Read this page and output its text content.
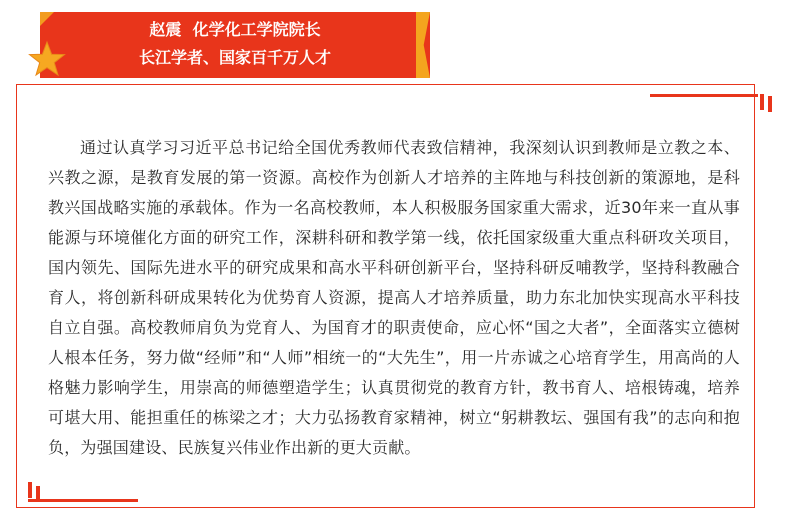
赵震  化学化工学院院长
长江学者、国家百千万人才

通过认真学习习近平总书记给全国优秀教师代表致信精神，我深刻认识到教师是立教之本、兴教之源，是教育发展的第一资源。高校作为创新人才培养的主阵地与科技创新的策源地，是科教兴国战略实施的承载体。作为一名高校教师，本人积极服务国家重大需求，近30年来一直从事能源与环境催化方面的研究工作，深耕科研和教学第一线，依托国家级重大重点科研攻关项目，国内领先、国际先进水平的研究成果和高水平科研创新平台，坚持科研反哺教学，坚持科教融合育人，将创新科研成果转化为优势育人资源，提高人才培养质量，助力东北加快实现高水平科技自立自强。高校教师肩负为党育人、为国育才的职责使命，应心怀“国之大者”，全面落实立德树人根本任务，努力做“经师”和“人师”相统一的“大先生”，用一片赤诚之心培育学生，用高尚的人格魅力影响学生，用崇高的师德塑造学生；认真贯彻党的教育方针，教书育人、培根铸魂，培养可堪大用、能担重任的栋梁之才；大力弘扬教育家精神，树立“躬耕教坛、强国有我”的志向和抱负，为强国建设、民族复兴伟业作出新的更大贡献。
